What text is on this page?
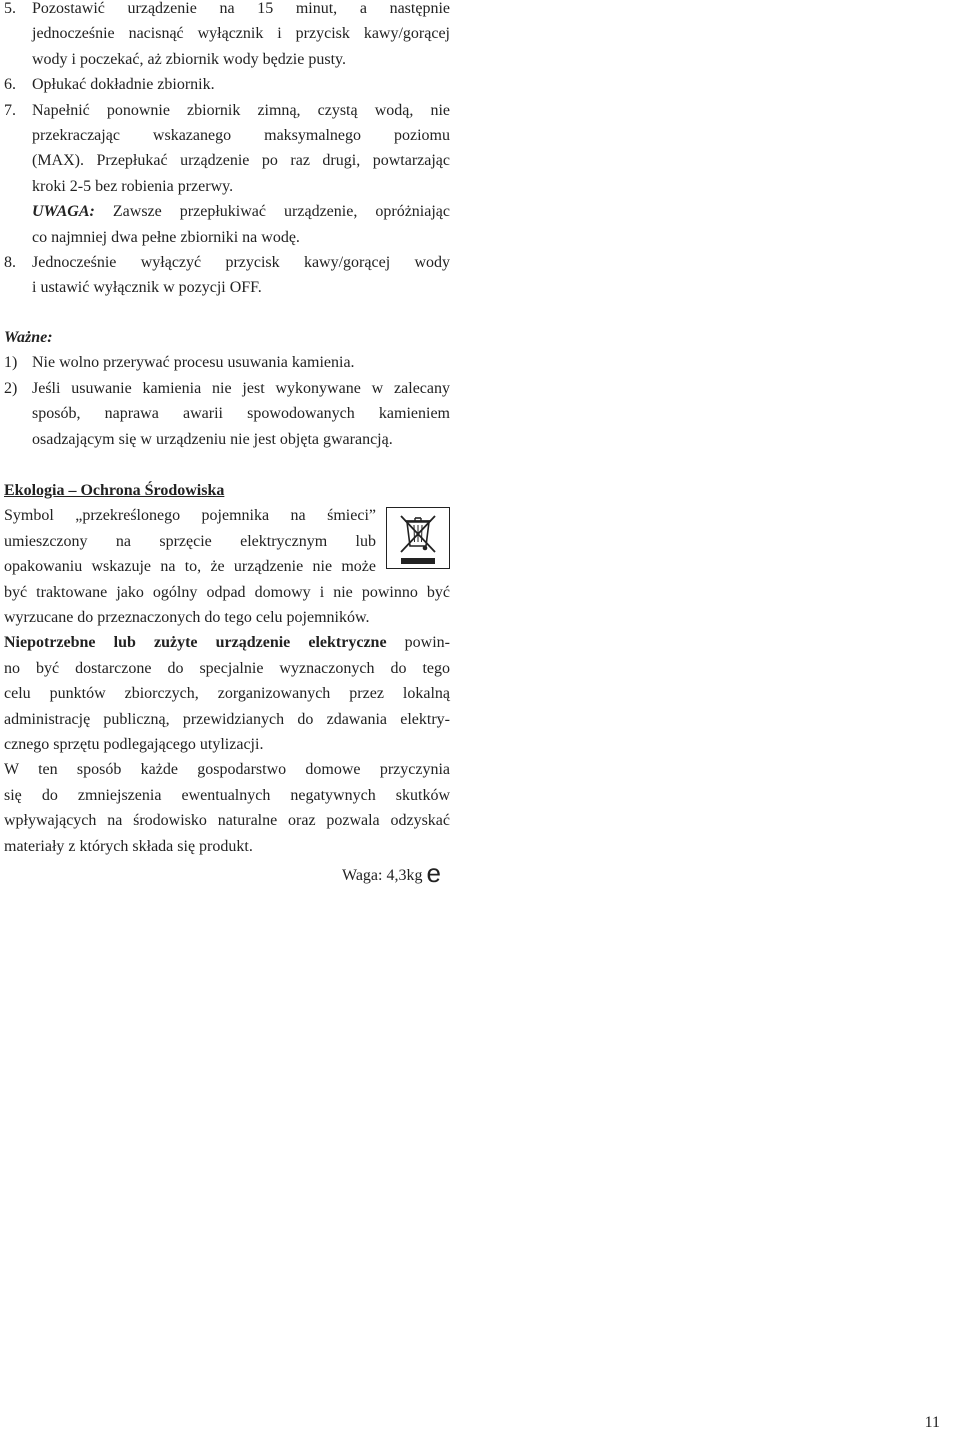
5.	Pozostawić urządzenie na 15 minut, a następnie
jednocześnie nacisnąć wyłącznik i przycisk kawy/gorącej
wody i poczekać, aż zbiornik wody będzie pusty.
6.	Opłukać dokładnie zbiornik.
7.	Napełnić ponownie zbiornik zimną, czystą wodą, nie
przekraczając wskazanego maksymalnego poziomu
(MAX). Przepłukać urządzenie po raz drugi, powtarzając
kroki 2-5 bez robienia przerwy.
UWAGA: Zawsze przepłukiwać urządzenie, opróżniając
co najmniej dwa pełne zbiorniki na wodę.
8.	Jednocześnie wyłączyć przycisk kawy/gorącej wody
i ustawić wyłącznik w pozycji OFF.
Ważne:
1) Nie wolno przerywać procesu usuwania kamienia.
2) Jeśli usuwanie kamienia nie jest wykonywane w zalecany
sposób, naprawa awarii spowodowanych kamieniem
osadzającym się w urządzeniu nie jest objęta gwarancją.
Ekologia – Ochrona Środowiska
Symbol „przekreślonego pojemnika na śmieci”
umieszczony na sprzęcie elektrycznym lub
opakowaniu wskazuje na to, że urządzenie nie może
być traktowane jako ogólny odpad domowy i nie powinno być
wyrzucane do przeznaczonych do tego celu pojemników.
Niepotrzebne lub zużyte urządzenie elektryczne powin-
no być dostarczone do specjalnie wyznaczonych do tego
celu punktów zbiorczych, zorganizowanych przez lokalną
administrację publiczną, przewidzianych do zdawania elektry-
cznego sprzętu podlegającego utylizacji.
W ten sposób każde gospodarstwo domowe przyczynia
się do zmniejszenia ewentualnych negatywnych skutków
wpływających na środowisko naturalne oraz pozwala odzyskać
materiały z których składa się produkt.
Waga: 4,3kg e
11
